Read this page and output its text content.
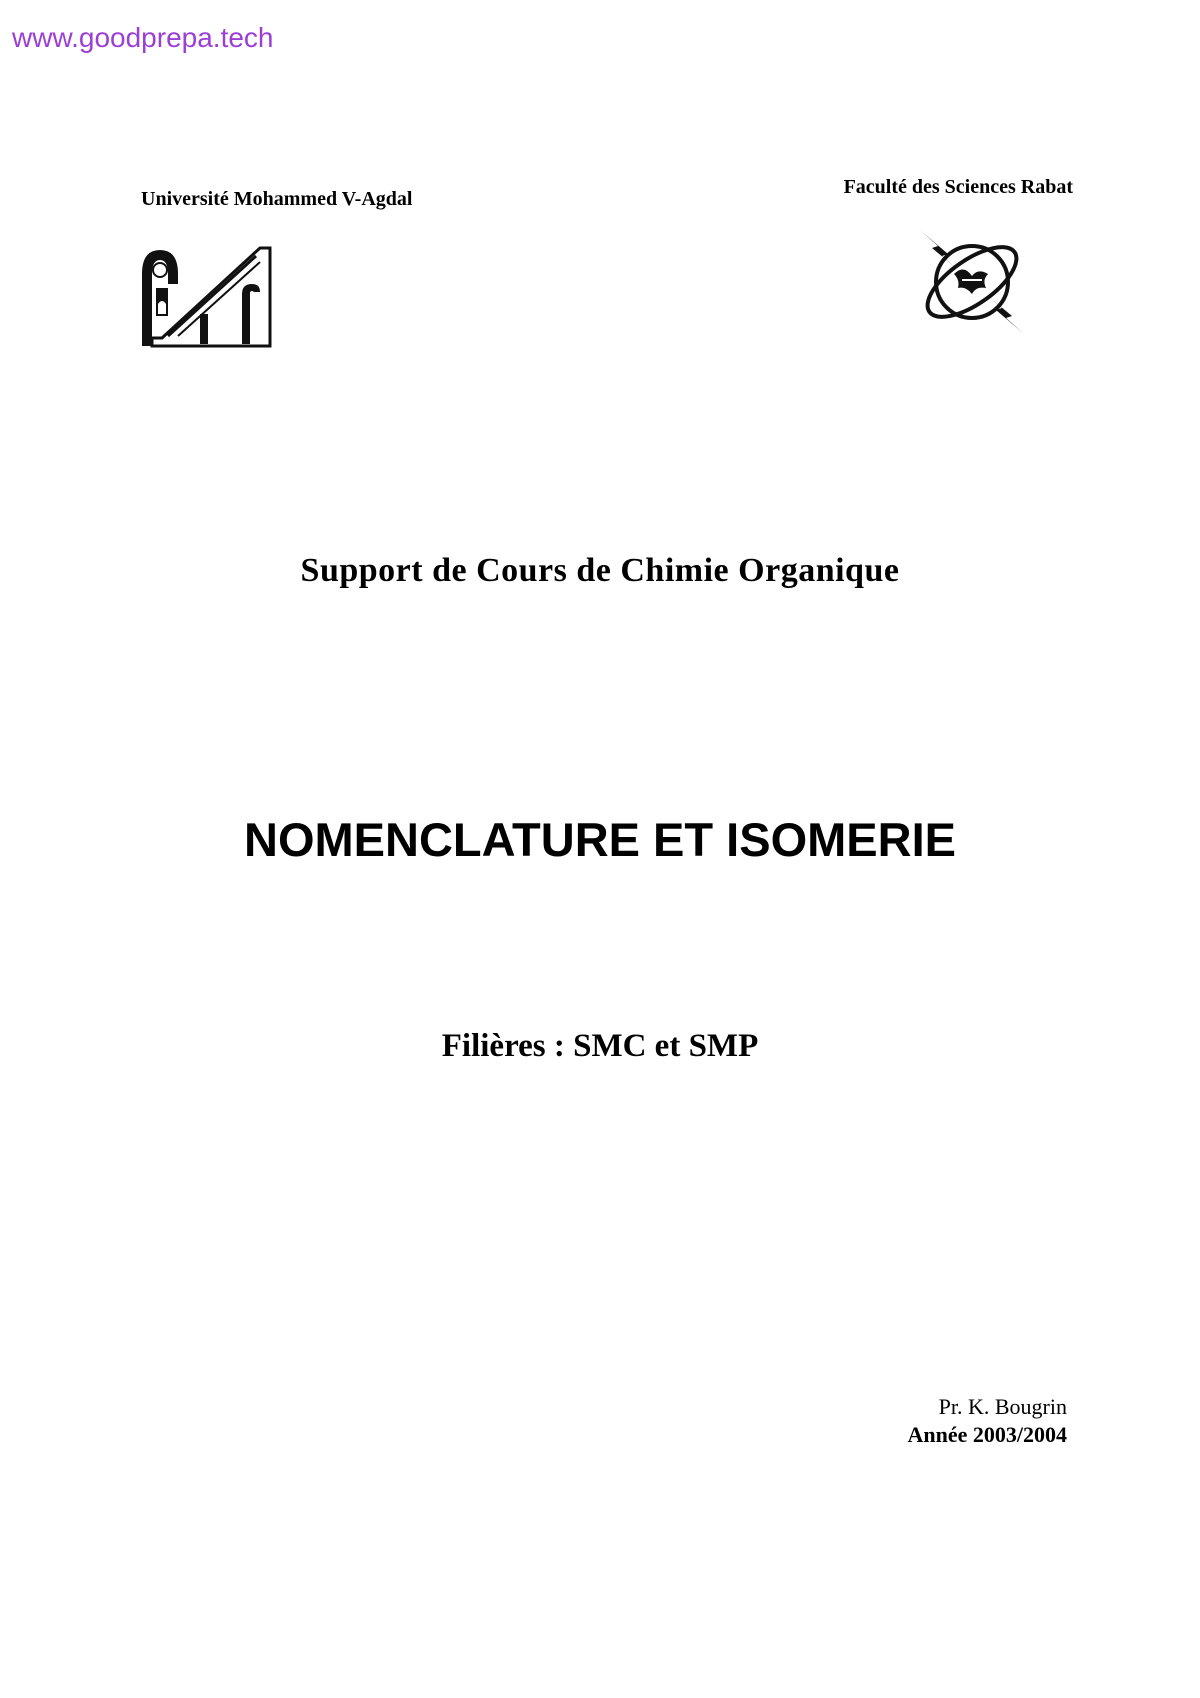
www.goodprepa.tech
Université Mohammed V-Agdal
Faculté des Sciences Rabat
Support de Cours de Chimie Organique
NOMENCLATURE ET ISOMERIE
Filières : SMC et SMP
Pr. K. Bougrin
Année 2003/2004
